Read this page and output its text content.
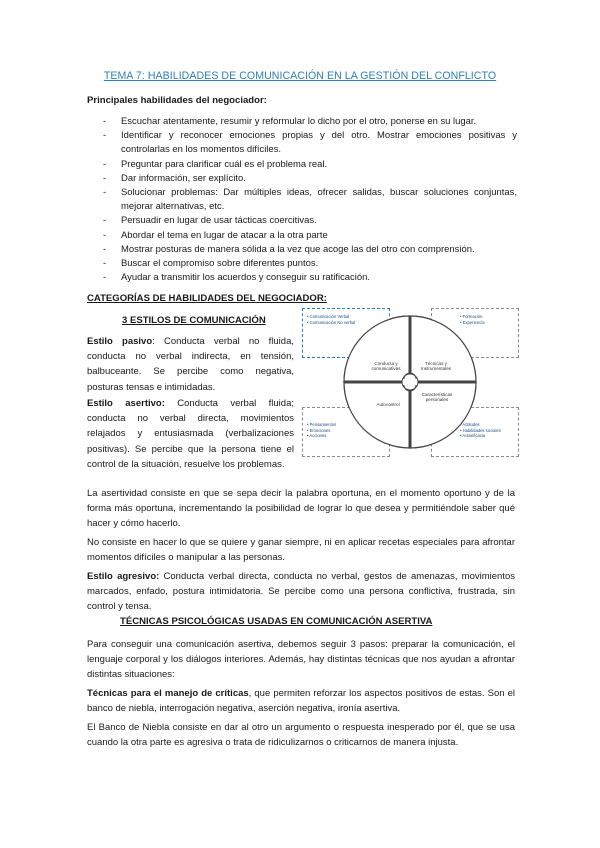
TEMA 7: HABILIDADES DE COMUNICACIÓN EN LA GESTIÓN DEL CONFLICTO
Principales habilidades del negociador:
- Escuchar atentamente, resumir y reformular lo dicho por el otro, ponerse en su lugar.
- Identificar y reconocer emociones propias y del otro. Mostrar emociones positivas y controlarlas en los momentos difíciles.
- Preguntar para clarificar cuál es el problema real.
- Dar información, ser explícito.
- Solucionar problemas: Dar múltiples ideas, ofrecer salidas, buscar soluciones conjuntas, mejorar alternativas, etc.
- Persuadir en lugar de usar tácticas coercitivas.
- Abordar el tema en lugar de atacar a la otra parte
- Mostrar posturas de manera sólida a la vez que acoge las del otro con comprensión.
- Buscar el compromiso sobre diferentes puntos.
- Ayudar a transmitir los acuerdos y conseguir su ratificación.
CATEGORÍAS DE HABILIDADES DEL NEGOCIADOR:
3 ESTILOS DE COMUNICACIÓN
Estilo pasivo: Conducta verbal no fluida, conducta no verbal indirecta, en tensión, balbuceante. Se percibe como negativa, posturas tensas e intimidadas.
Estilo asertivo: Conducta verbal fluida; conducta no verbal directa, movimientos relajados y entusiasmada (verbalizaciones positivas). Se percibe que la persona tiene el control de la situación, resuelve los problemas.
• Comunicación Verbal
• Comunicación No verbal
• Formación
• Experiencia
• Pensamientos
• Emociones
• Acciones
• Actitudes
• Habilidades sociales
• Autoeficacia
Conducta y comunicativas
Técnicas y Instrumentales
Autocontrol
Características personales
La asertividad consiste en que se sepa decir la palabra oportuna, en el momento oportuno y de la forma más oportuna, incrementando la posibilidad de lograr lo que desea y permitiéndole saber qué hacer y cómo hacerlo.
No consiste en hacer lo que se quiere y ganar siempre, ni en aplicar recetas especiales para afrontar momentos difíciles o manipular a las personas.
Estilo agresivo: Conducta verbal directa, conducta no verbal, gestos de amenazas, movimientos marcados, enfado, postura intimidatoria. Se percibe como una persona conflictiva, frustrada, sin control y tensa.
TÉCNICAS PSICOLÓGICAS USADAS EN COMUNICACIÓN ASERTIVA
Para conseguir una comunicación asertiva, debemos seguir 3 pasos: preparar la comunicación, el lenguaje corporal y los diálogos interiores. Además, hay distintas técnicas que nos ayudan a afrontar distintas situaciones:
Técnicas para el manejo de críticas, que permiten reforzar los aspectos positivos de estas. Son el banco de niebla, interrogación negativa, aserción negativa, ironía asertiva.
El Banco de Niebla consiste en dar al otro un argumento o respuesta inesperado por él, que se usa cuando la otra parte es agresiva o trata de ridiculizarnos o criticarnos de manera injusta.
